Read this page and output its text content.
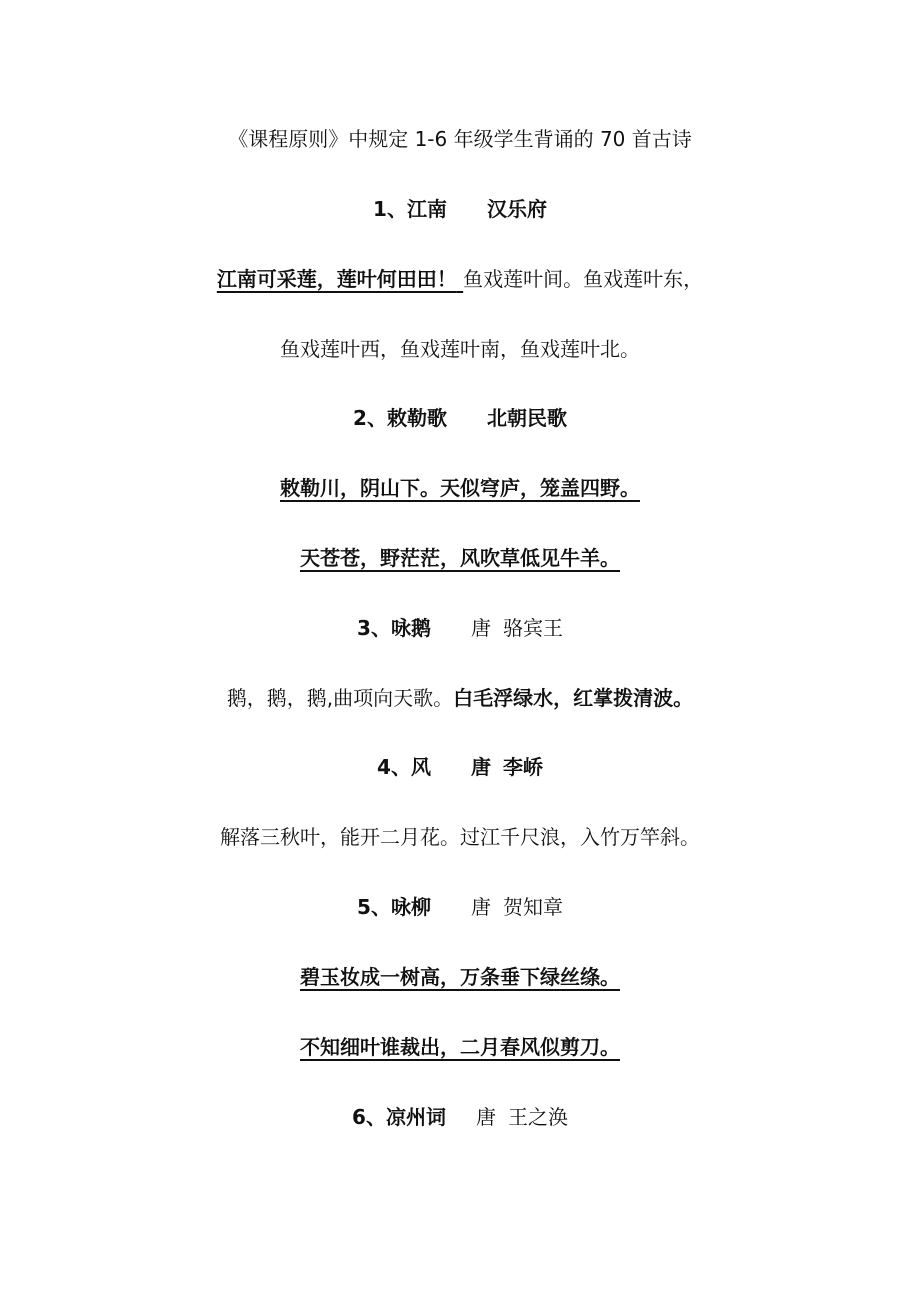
《课程原则》中规定 1-6 年级学生背诵的 70 首古诗
1、江南 汉乐府
江南可采莲，莲叶何田田！ 鱼戏莲叶间。鱼戏莲叶东，
鱼戏莲叶西，鱼戏莲叶南，鱼戏莲叶北。
2、敕勒歌 北朝民歌
敕勒川，阴山下。天似穹庐，笼盖四野。
天苍苍，野茫茫，风吹草低见牛羊。
3、咏鹅 唐 骆宾王
鹅，鹅，鹅,曲项向天歌。白毛浮绿水，红掌拨清波。
4、风 唐 李峤
解落三秋叶，能开二月花。过江千尺浪，入竹万竿斜。
5、咏柳 唐 贺知章
碧玉妆成一树高，万条垂下绿丝绦。
不知细叶谁裁出，二月春风似剪刀。
6、凉州词 唐 王之涣
